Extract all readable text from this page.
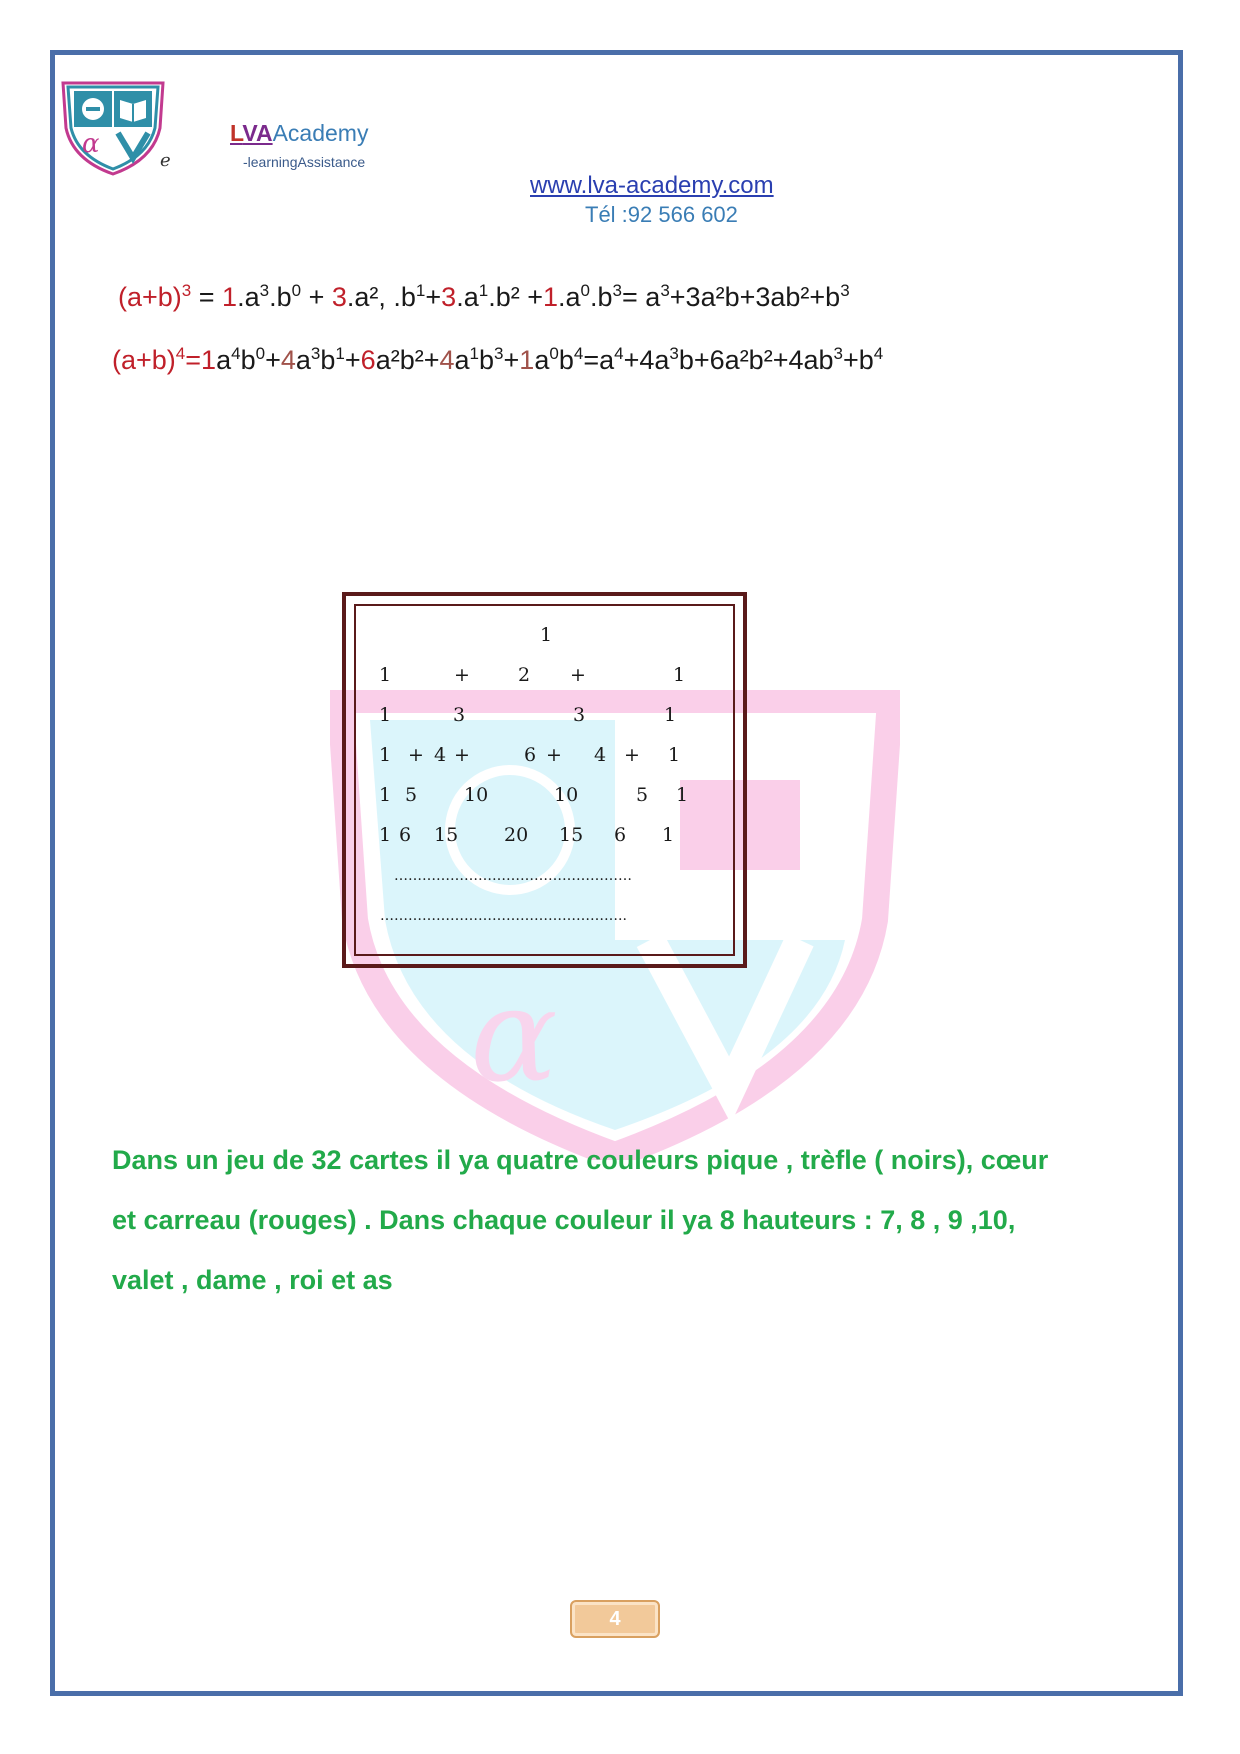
α
e
LVAAcademy
-learningAssistance
www.lva-academy.com
Tél :92 566 602
α
$(a+b)^3 = 1.a^3.b^0 + 3.a^2$, $.b^1+3.a^1.b^2 +1.a^0.b^3= a^3+3a^2b+3ab^2+b^3$
$(a+b)^4=1a^4b^0+4a^3b^1+6a^2b^2+4a^1b^3+1a^0b^4=a^4+4a^3b+6a^2b^2+4ab^3+b^4$
1
1	+	2 +	1
1	3	3	1
1 + 4 +	6 + 4 + 1
1 5 10	10	5 1
1 6 15 20 15 6 1
……………………………………………
……………………………………………..
Dans un jeu de 32 cartes il ya quatre couleurs pique , trèfle ( noirs), cœur
et carreau (rouges) . Dans chaque couleur il ya 8 hauteurs : 7, 8 , 9 ,10,
valet , dame , roi et as
4
